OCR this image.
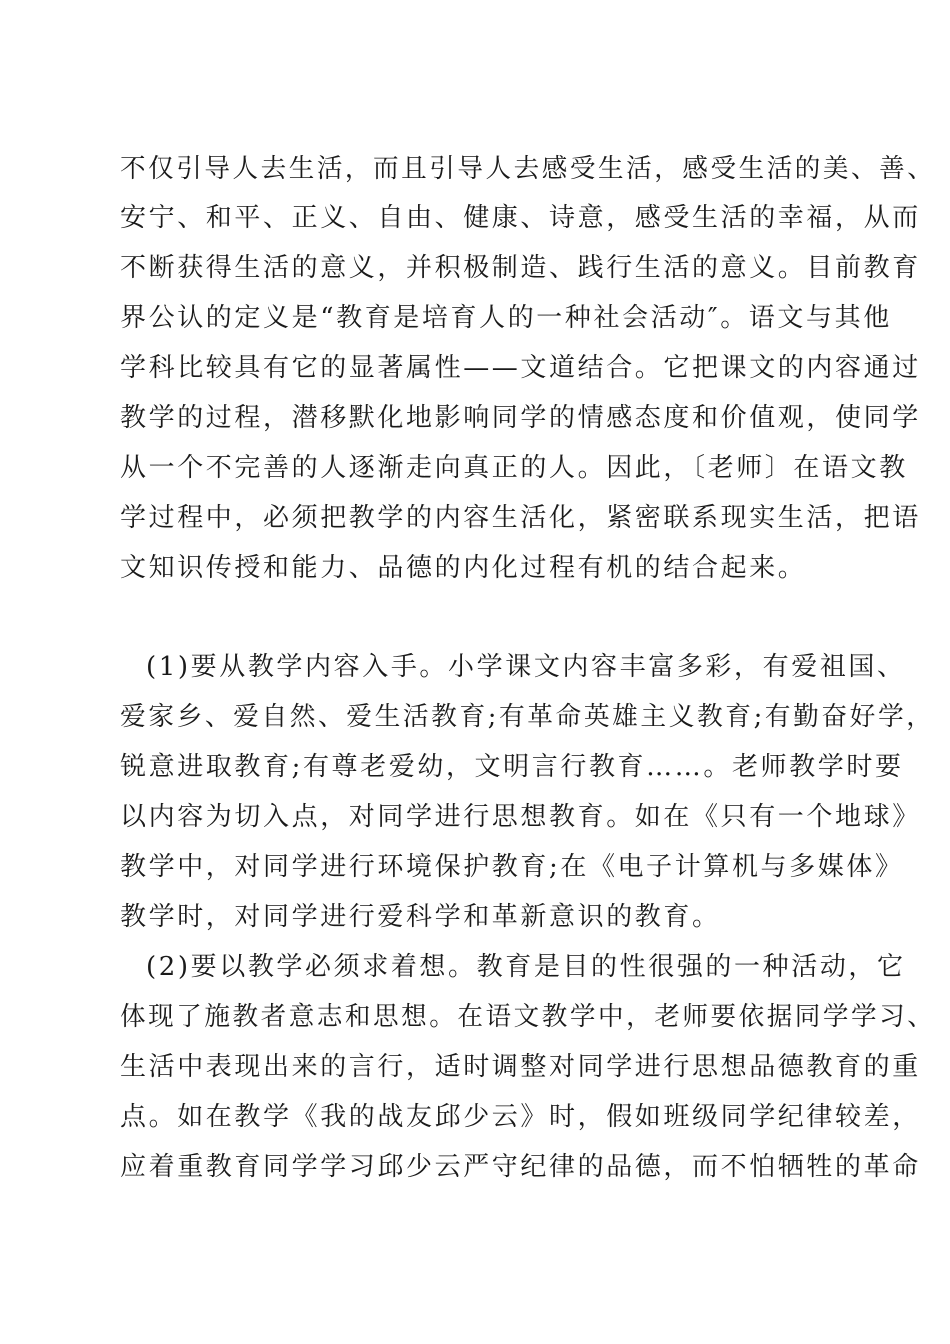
不仅引导人去生活，而且引导人去感受生活，感受生活的美、善、
安宁、和平、正义、自由、健康、诗意，感受生活的幸福，从而
不断获得生活的意义，并积极制造、践行生活的意义。目前教育
界公认的定义是“教育是培育人的一种社会活动″。语文与其他
学科比较具有它的显著属性——文道结合。它把课文的内容通过
教学的过程，潜移默化地影响同学的情感态度和价值观，使同学
从一个不完善的人逐渐走向真正的人。因此，〔老师〕在语文教
学过程中，必须把教学的内容生活化，紧密联系现实生活，把语
文知识传授和能力、品德的内化过程有机的结合起来。
(1)要从教学内容入手。小学课文内容丰富多彩，有爱祖国、
爱家乡、爱自然、爱生活教育;有革命英雄主义教育;有勤奋好学，
锐意进取教育;有尊老爱幼，文明言行教育……。老师教学时要
以内容为切入点，对同学进行思想教育。如在《只有一个地球》
教学中，对同学进行环境保护教育;在《电子计算机与多媒体》
教学时，对同学进行爱科学和革新意识的教育。
(2)要以教学必须求着想。教育是目的性很强的一种活动，它
体现了施教者意志和思想。在语文教学中，老师要依据同学学习、
生活中表现出来的言行，适时调整对同学进行思想品德教育的重
点。如在教学《我的战友邱少云》时，假如班级同学纪律较差，
应着重教育同学学习邱少云严守纪律的品德，而不怕牺牲的革命
